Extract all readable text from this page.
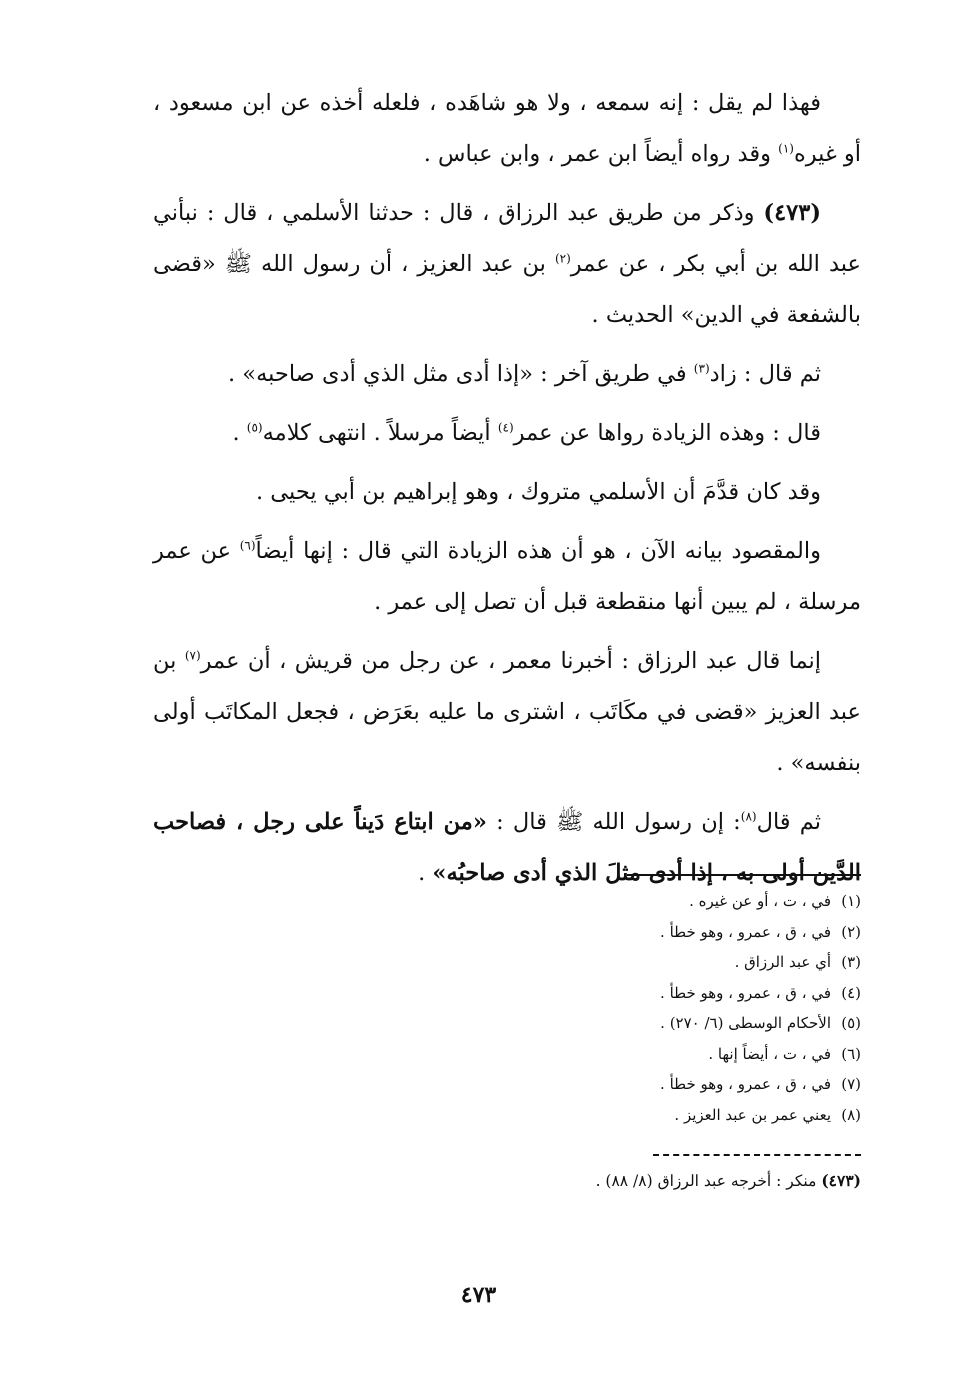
فهذا لم يقل : إنه سمعه ، ولا هو شاهَده ، فلعله أخذه عن ابن مسعود ، أو غيره$^{(١)}$ وقد رواه أيضاً ابن عمر ، وابن عباس .

(٤٧٣) وذكر من طريق عبد الرزاق ، قال : حدثنا الأسلمي ، قال : نبأني عبد الله بن أبي بكر ، عن عمر$^{(٢)}$ بن عبد العزيز ، أن رسول الله ﷺ «قضى بالشفعة في الدين» الحديث .

ثم قال : زاد$^{(٣)}$ في طريق آخر : «إذا أدى مثل الذي أدى صاحبه» .

قال : وهذه الزيادة رواها عن عمر$^{(٤)}$ أيضاً مرسلاً . انتهى كلامه$^{(٥)}$ .

وقد كان قدَّمَ أن الأسلمي متروك ، وهو إبراهيم بن أبي يحيى .

والمقصود بيانه الآن ، هو أن هذه الزيادة التي قال : إنها أيضاً$^{(٦)}$ عن عمر مرسلة ، لم يبين أنها منقطعة قبل أن تصل إلى عمر .

إنما قال عبد الرزاق : أخبرنا معمر ، عن رجل من قريش ، أن عمر$^{(٧)}$ بن عبد العزيز «قضى في مكَاتَب ، اشترى ما عليه بعَرَض ، فجعل المكاتَب أولى بنفسه» .

ثم قال$^{(٨)}$: إن رسول الله ﷺ قال : «من ابتاع دَيناً على رجل ، فصاحب الدَّين أولى به ، إذا أدى مثلَ الذي أدى صاحبُه» .

(١)في ، ت ، أو عن غيره .
(٢)في ، ق ، عمرو ، وهو خطأ .
(٣)أي عبد الرزاق .
(٤)في ، ق ، عمرو ، وهو خطأ .
(٥)الأحكام الوسطى (٦/ ٢٧٠) .
(٦)في ، ت ، أيضاً إنها .
(٧)في ، ق ، عمرو ، وهو خطأ .
(٨)يعني عمر بن عبد العزيز .
(٤٧٣) منكر : أخرجه عبد الرزاق (٨/ ٨٨) .
٤٧٣
